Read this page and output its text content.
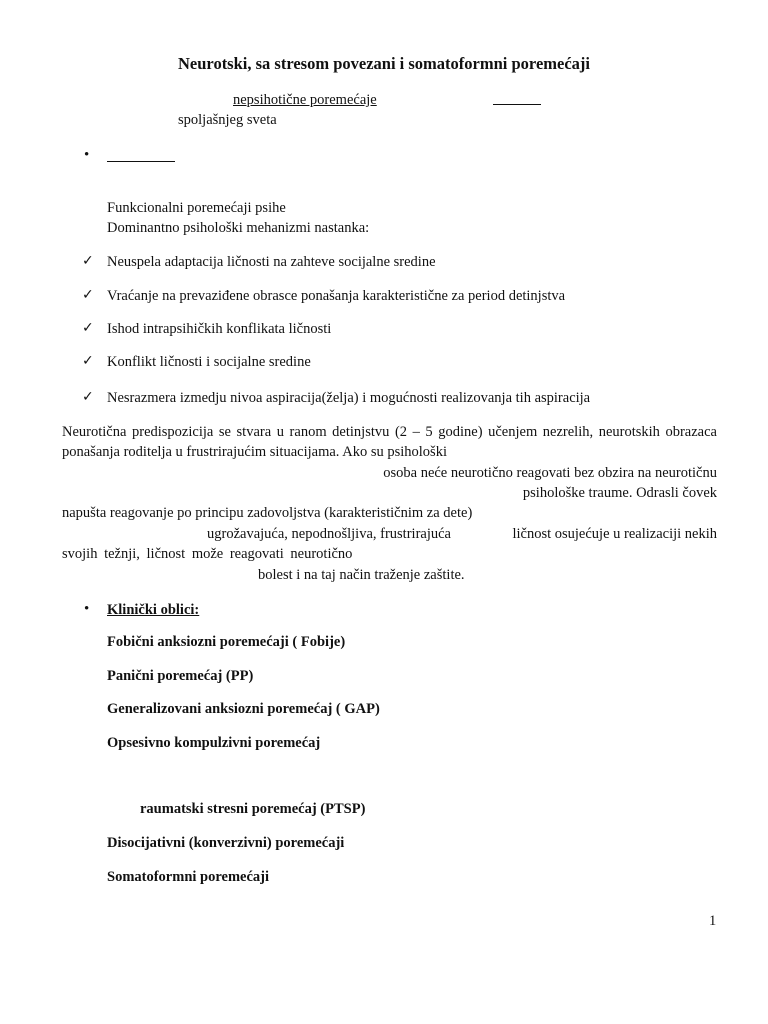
Neurotski, sa stresom povezani i somatoformni poremećaji
nepsihotične poremećaje
spoljašnjeg sveta
•
Funkcionalni poremećaji psihe
Dominantno psihološki mehanizmi nastanka:
✓ Neuspela adaptacija ličnosti na zahteve socijalne sredine
✓ Vraćanje na prevaziđene obrasce ponašanja karakteristične za period detinjstva
✓ Ishod intrapsihičkih konflikata ličnosti
✓ Konflikt ličnosti i socijalne sredine
✓ Nesrazmera izmedju nivoa aspiracija(želja) i mogućnosti realizovanja tih aspiracija
Neurotična predispozicija se stvara u ranom detinjstvu (2 – 5 godine) učenjem nezrelih, neurotskih obrazaca
ponašanja roditelja u frustrirajućim situacijama. Ako su psihološki
osoba neće neurotično reagovati bez obzira na neurotičnu
psihološke traume. Odrasli čovek
napušta reagovanje po principu zadovoljstva (karakterističnim za dete)
ugrožavajuća, nepodnošljiva, frustrirajuća	ličnost osujećuje u realizaciji nekih
svojih težnji, ličnost može reagovati neurotično
bolest i na taj način traženje zaštite.
• Klinički oblici:
Fobični anksiozni poremećaji ( Fobije)
Panični poremećaj (PP)
Generalizovani anksiozni poremećaj ( GAP)
Opsesivno kompulzivni poremećaj
raumatski stresni poremećaj (PTSP)
Disocijativni (konverzivni) poremećaji
Somatoformni poremećaji
1
